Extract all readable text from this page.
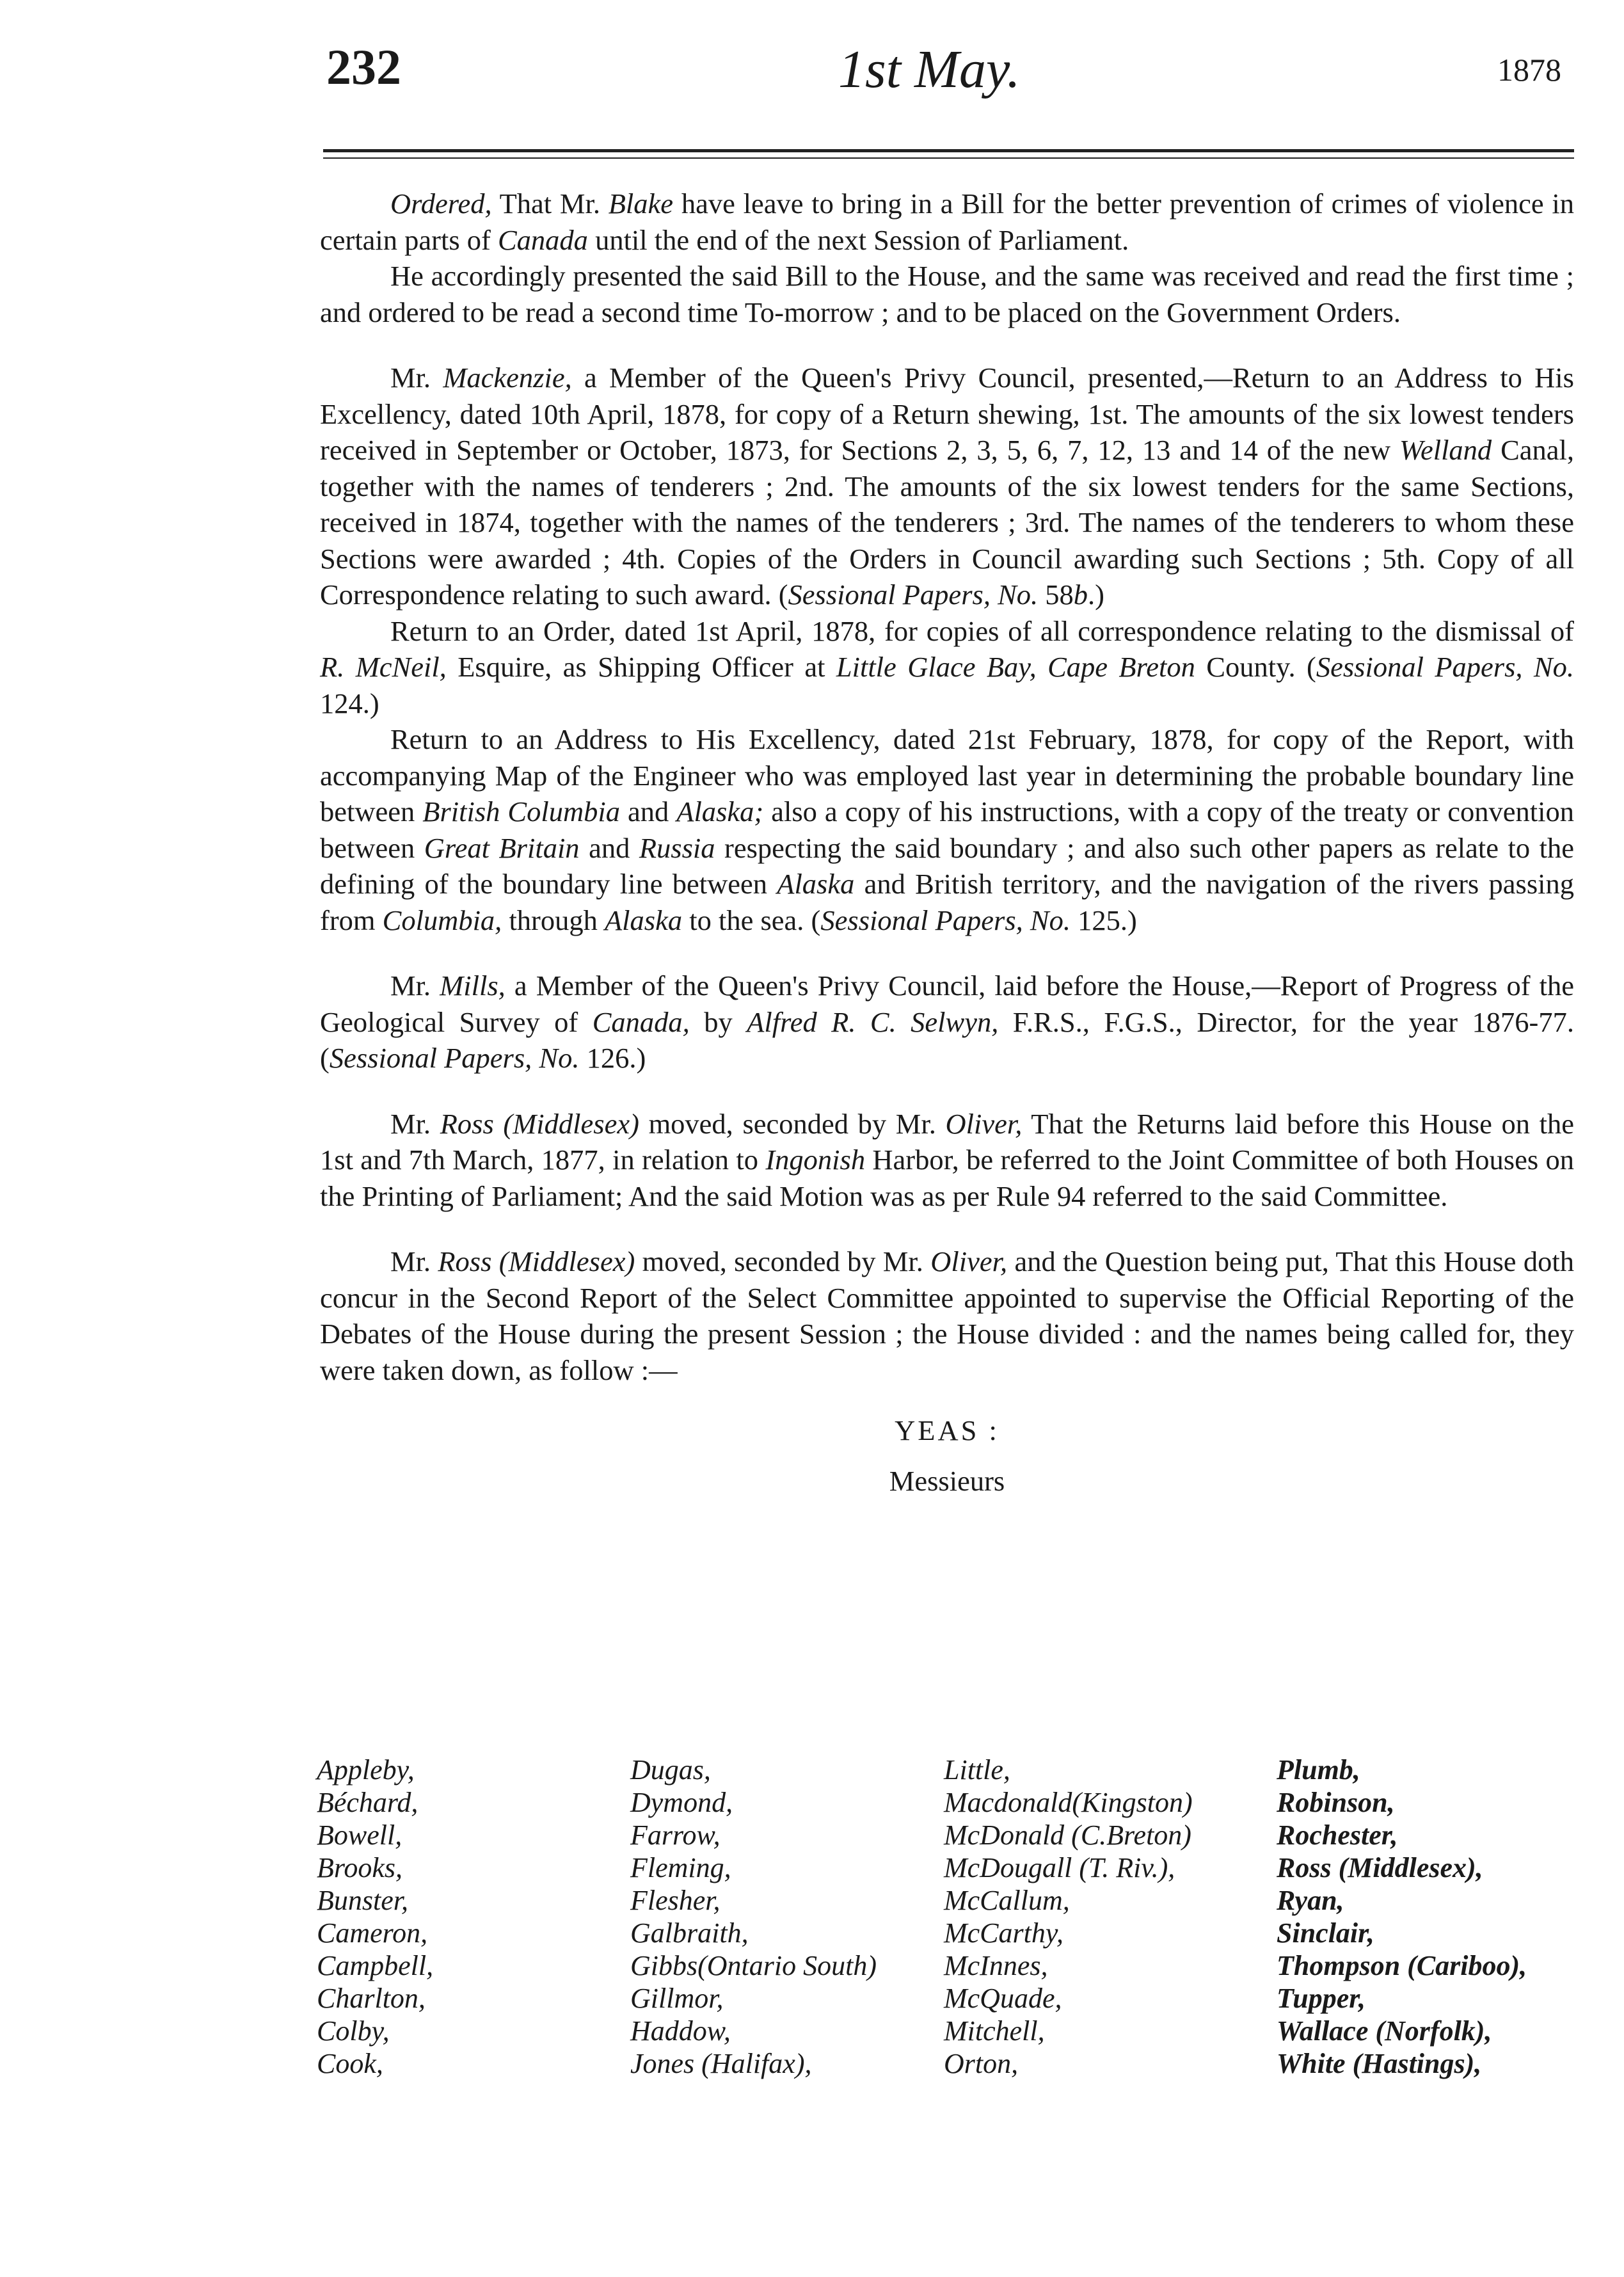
232	1st May.	1878

Ordered, That Mr. Blake have leave to bring in a Bill for the better prevention of crimes of violence in certain parts of Canada until the end of the next Session of Parliament.

He accordingly presented the said Bill to the House, and the same was received and read the first time ; and ordered to be read a second time To-morrow ; and to be placed on the Government Orders.

Mr. Mackenzie, a Member of the Queen's Privy Council, presented,—Return to an Address to His Excellency, dated 10th April, 1878, for copy of a Return shewing, 1st. The amounts of the six lowest tenders received in September or October, 1873, for Sections 2, 3, 5, 6, 7, 12, 13 and 14 of the new Welland Canal, together with the names of tenderers ; 2nd. The amounts of the six lowest tenders for the same Sections, received in 1874, together with the names of the tenderers ; 3rd. The names of the tenderers to whom these Sections were awarded ; 4th. Copies of the Orders in Council awarding such Sections ; 5th. Copy of all Correspondence relating to such award. (Sessional Papers, No. 58b.)

Return to an Order, dated 1st April, 1878, for copies of all correspondence relating to the dismissal of R. McNeil, Esquire, as Shipping Officer at Little Glace Bay, Cape Breton County. (Sessional Papers, No. 124.)

Return to an Address to His Excellency, dated 21st February, 1878, for copy of the Report, with accompanying Map of the Engineer who was employed last year in determining the probable boundary line between British Columbia and Alaska; also a copy of his instructions, with a copy of the treaty or convention between Great Britain and Russia respecting the said boundary ; and also such other papers as relate to the defining of the boundary line between Alaska and British territory, and the navigation of the rivers passing from Columbia, through Alaska to the sea. (Sessional Papers, No. 125.)

Mr. Mills, a Member of the Queen's Privy Council, laid before the House,—Report of Progress of the Geological Survey of Canada, by Alfred R. C. Selwyn, F.R.S., F.G.S., Director, for the year 1876-77. (Sessional Papers, No. 126.)

Mr. Ross (Middlesex) moved, seconded by Mr. Oliver, That the Returns laid before this House on the 1st and 7th March, 1877, in relation to Ingonish Harbor, be referred to the Joint Committee of both Houses on the Printing of Parliament; And the said Motion was as per Rule 94 referred to the said Committee.

Mr. Ross (Middlesex) moved, seconded by Mr. Oliver, and the Question being put, That this House doth concur in the Second Report of the Select Committee appointed to supervise the Official Reporting of the Debates of the House during the present Session ; the House divided : and the names being called for, they were taken down, as follow :—

YEAS :
Messieurs
Appleby,
Béchard,
Bowell,
Brooks,
Bunster,
Cameron,
Campbell,
Charlton,
Colby,
Cook,
Dugas,
Dymond,
Farrow,
Fleming,
Flesher,
Galbraith,
Gibbs(Ontario South)
Gillmor,
Haddow,
Jones (Halifax),
Little,
Macdonald(Kingston)
McDonald (C.Breton)
McDougall (T. Riv.),
McCallum,
McCarthy,
McInnes,
McQuade,
Mitchell,
Orton,
Plumb,
Robinson,
Rochester,
Ross (Middlesex),
Ryan,
Sinclair,
Thompson (Cariboo),
Tupper,
Wallace (Norfolk),
White (Hastings),
